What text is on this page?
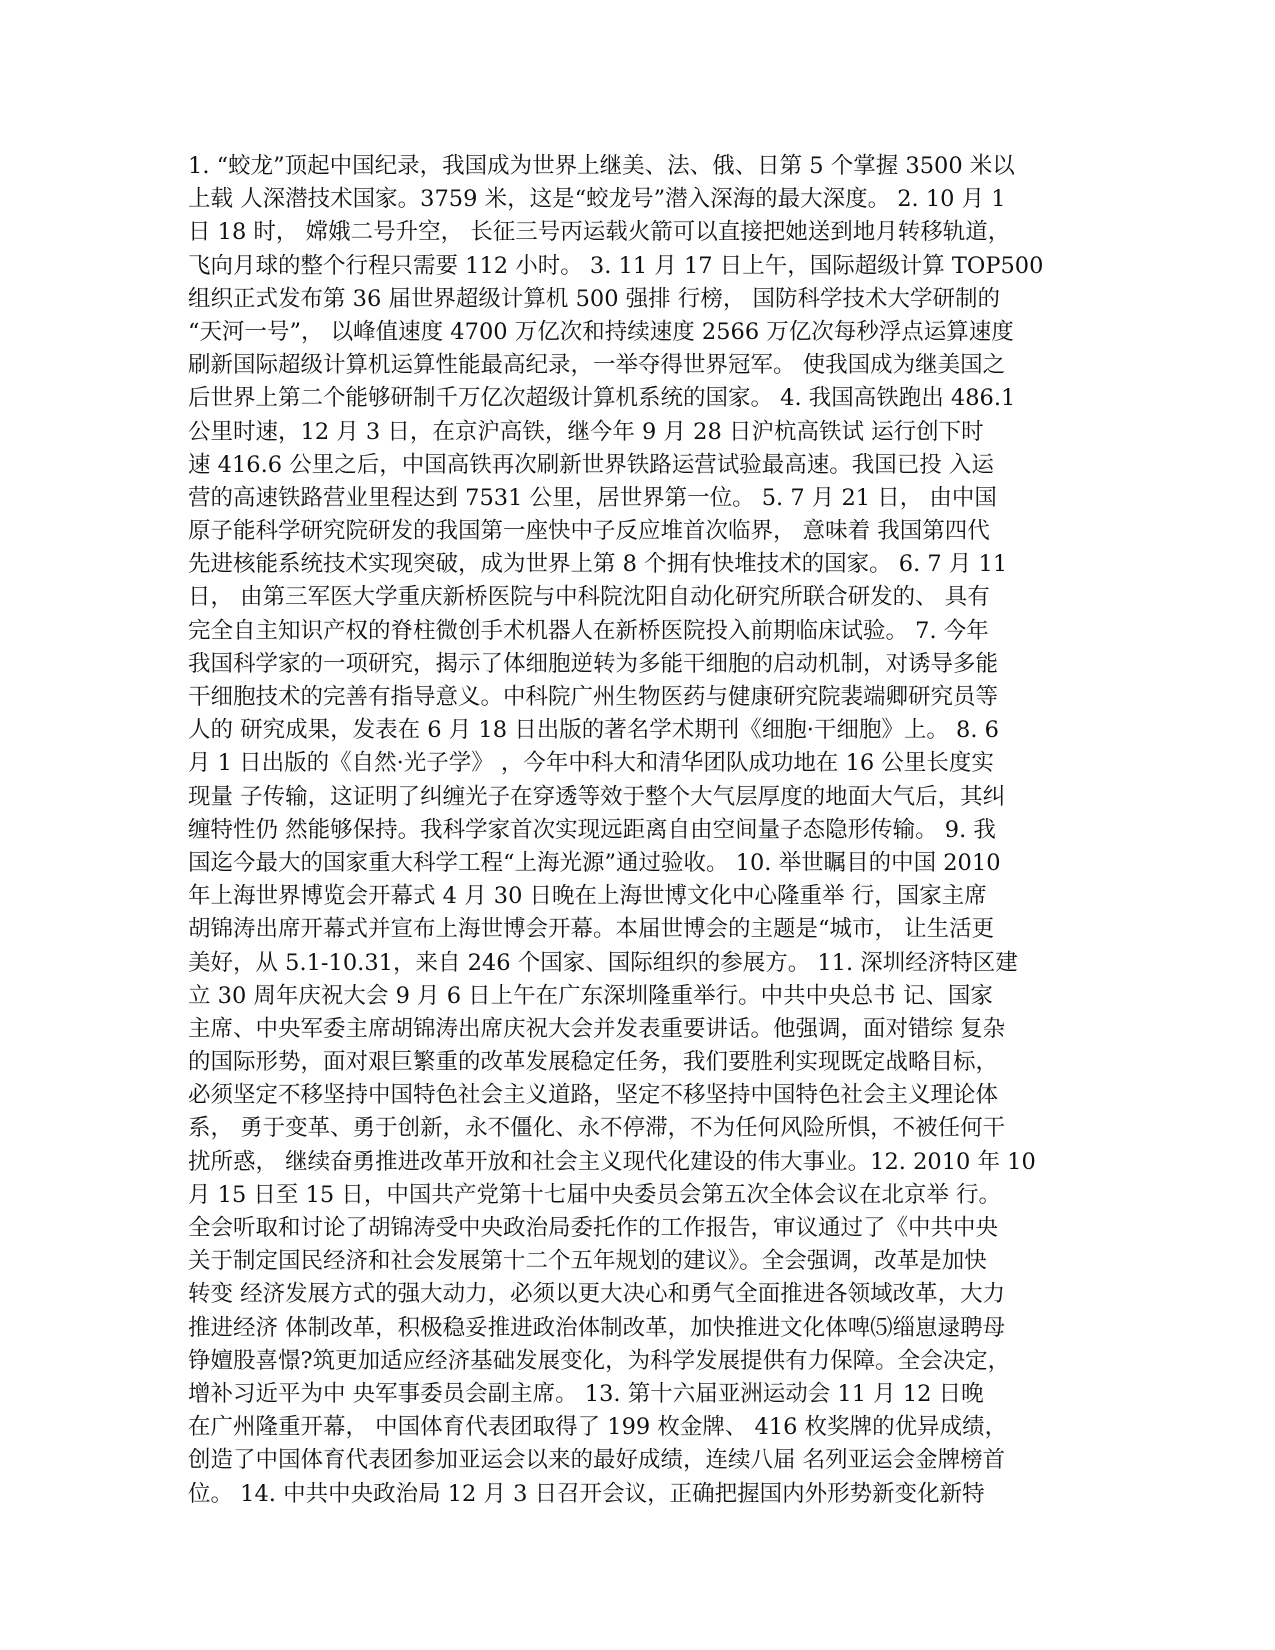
1. “蛟龙”顶起中国纪录，我国成为世界上继美、法、俄、日第 5 个掌握 3500 米以
上载 人深潜技术国家。3759 米，这是“蛟龙号”潜入深海的最大深度。 2. 10 月 1
日 18 时， 嫦娥二号升空， 长征三号丙运载火箭可以直接把她送到地月转移轨道，
飞向月球的整个行程只需要 112 小时。 3. 11 月 17 日上午，国际超级计算 TOP500
组织正式发布第 36 届世界超级计算机 500 强排 行榜， 国防科学技术大学研制的
“天河一号”， 以峰值速度 4700 万亿次和持续速度 2566 万亿次每秒浮点运算速度
刷新国际超级计算机运算性能最高纪录，一举夺得世界冠军。 使我国成为继美国之
后世界上第二个能够研制千万亿次超级计算机系统的国家。 4. 我国高铁跑出 486.1
公里时速，12 月 3 日，在京沪高铁，继今年 9 月 28 日沪杭高铁试 运行创下时
速 416.6 公里之后，中国高铁再次刷新世界铁路运营试验最高速。我国已投 入运
营的高速铁路营业里程达到 7531 公里，居世界第一位。 5. 7 月 21 日， 由中国
原子能科学研究院研发的我国第一座快中子反应堆首次临界， 意味着 我国第四代
先进核能系统技术实现突破，成为世界上第 8 个拥有快堆技术的国家。 6. 7 月 11
日， 由第三军医大学重庆新桥医院与中科院沈阳自动化研究所联合研发的、 具有
完全自主知识产权的脊柱微创手术机器人在新桥医院投入前期临床试验。 7. 今年
我国科学家的一项研究，揭示了体细胞逆转为多能干细胞的启动机制，对诱导多能
干细胞技术的完善有指导意义。中科院广州生物医药与健康研究院裴端卿研究员等
人的 研究成果，发表在 6 月 18 日出版的著名学术期刊《细胞·干细胞》上。 8. 6
月 1 日出版的《自然·光子学》 ，今年中科大和清华团队成功地在 16 公里长度实
现量 子传输，这证明了纠缠光子在穿透等效于整个大气层厚度的地面大气后，其纠
缠特性仍 然能够保持。我科学家首次实现远距离自由空间量子态隐形传输。 9. 我
国迄今最大的国家重大科学工程“上海光源”通过验收。 10. 举世瞩目的中国 2010
年上海世界博览会开幕式 4 月 30 日晚在上海世博文化中心隆重举 行，国家主席
胡锦涛出席开幕式并宣布上海世博会开幕。本届世博会的主题是“城市， 让生活更
美好，从 5.1-10.31，来自 246 个国家、国际组织的参展方。 11. 深圳经济特区建
立 30 周年庆祝大会 9 月 6 日上午在广东深圳隆重举行。中共中央总书 记、国家
主席、中央军委主席胡锦涛出席庆祝大会并发表重要讲话。他强调，面对错综 复杂
的国际形势，面对艰巨繁重的改革发展稳定任务，我们要胜利实现既定战略目标，
必须坚定不移坚持中国特色社会主义道路，坚定不移坚持中国特色社会主义理论体
系， 勇于变革、勇于创新，永不僵化、永不停滞，不为任何风险所惧，不被任何干
扰所惑， 继续奋勇推进改革开放和社会主义现代化建设的伟大事业。12. 2010 年 10
月 15 日至 15 日，中国共产党第十七届中央委员会第五次全体会议在北京举 行。
全会听取和讨论了胡锦涛受中央政治局委托作的工作报告，审议通过了《中共中央
关于制定国民经济和社会发展第十二个五年规划的建议》。全会强调，改革是加快
转变 经济发展方式的强大动力，必须以更大决心和勇气全面推进各领域改革，大力
推进经济 体制改革，积极稳妥推进政治体制改革，加快推进文化体啤⑸缁崽逯聘母
铮嬗股喜憬?筑更加适应经济基础发展变化，为科学发展提供有力保障。全会决定，
增补习近平为中 央军事委员会副主席。 13. 第十六届亚洲运动会 11 月 12 日晚
在广州隆重开幕， 中国体育代表团取得了 199 枚金牌、 416 枚奖牌的优异成绩，
创造了中国体育代表团参加亚运会以来的最好成绩，连续八届 名列亚运会金牌榜首
位。 14. 中共中央政治局 12 月 3 日召开会议，正确把握国内外形势新变化新特
